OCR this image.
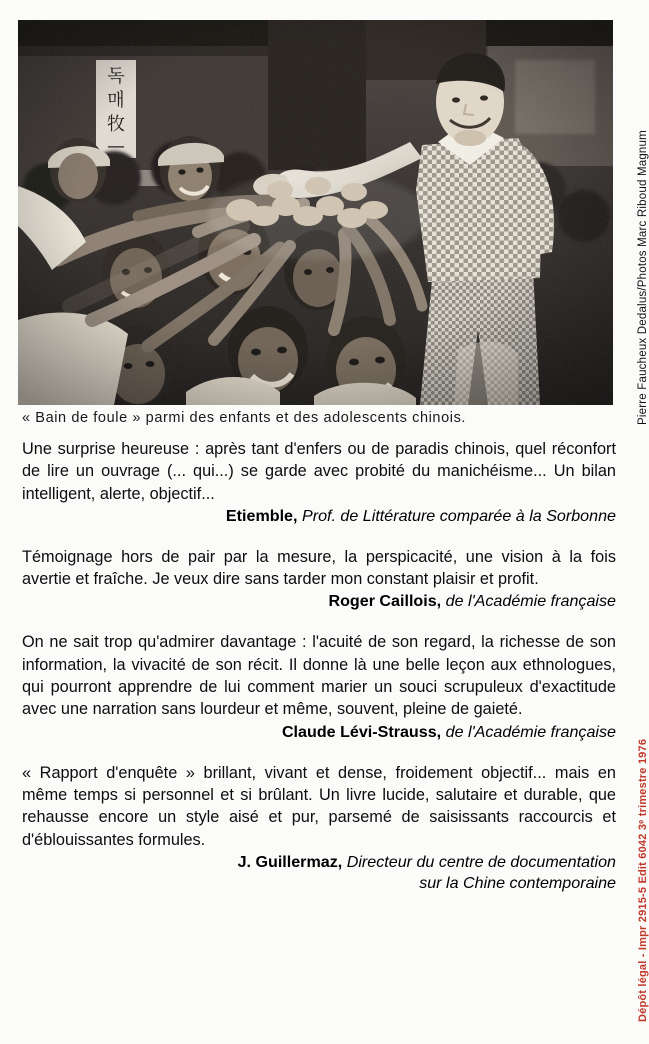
« Bain de foule » parmi des enfants et des adolescents chinois.
Une surprise heureuse : après tant d'enfers ou de paradis chinois, quel réconfort de lire un ouvrage (... qui...) se garde avec probité du manichéisme... Un bilan intelligent, alerte, objectif...
Etiemble, Prof. de Littérature comparée à la Sorbonne
Témoignage hors de pair par la mesure, la perspicacité, une vision à la fois avertie et fraîche. Je veux dire sans tarder mon constant plaisir et profit.
Roger Caillois, de l'Académie française
On ne sait trop qu'admirer davantage : l'acuité de son regard, la richesse de son information, la vivacité de son récit. Il donne là une belle leçon aux ethnologues, qui pourront apprendre de lui comment marier un souci scrupuleux d'exactitude avec une narration sans lourdeur et même, souvent, pleine de gaieté.
Claude Lévi-Strauss, de l'Académie française
« Rapport d'enquête » brillant, vivant et dense, froidement objectif... mais en même temps si personnel et si brûlant. Un livre lucide, salutaire et durable, que rehausse encore un style aisé et pur, parsemé de saisissants raccourcis et d'éblouissantes formules.
J. Guillermaz, Directeur du centre de documentation
sur la Chine contemporaine
Pierre Faucheux Dedalus/Photos Marc Riboud Magnum
Dépôt légal - Impr 2915-5 Edit 6042 3ᵉ trimestre 1976
